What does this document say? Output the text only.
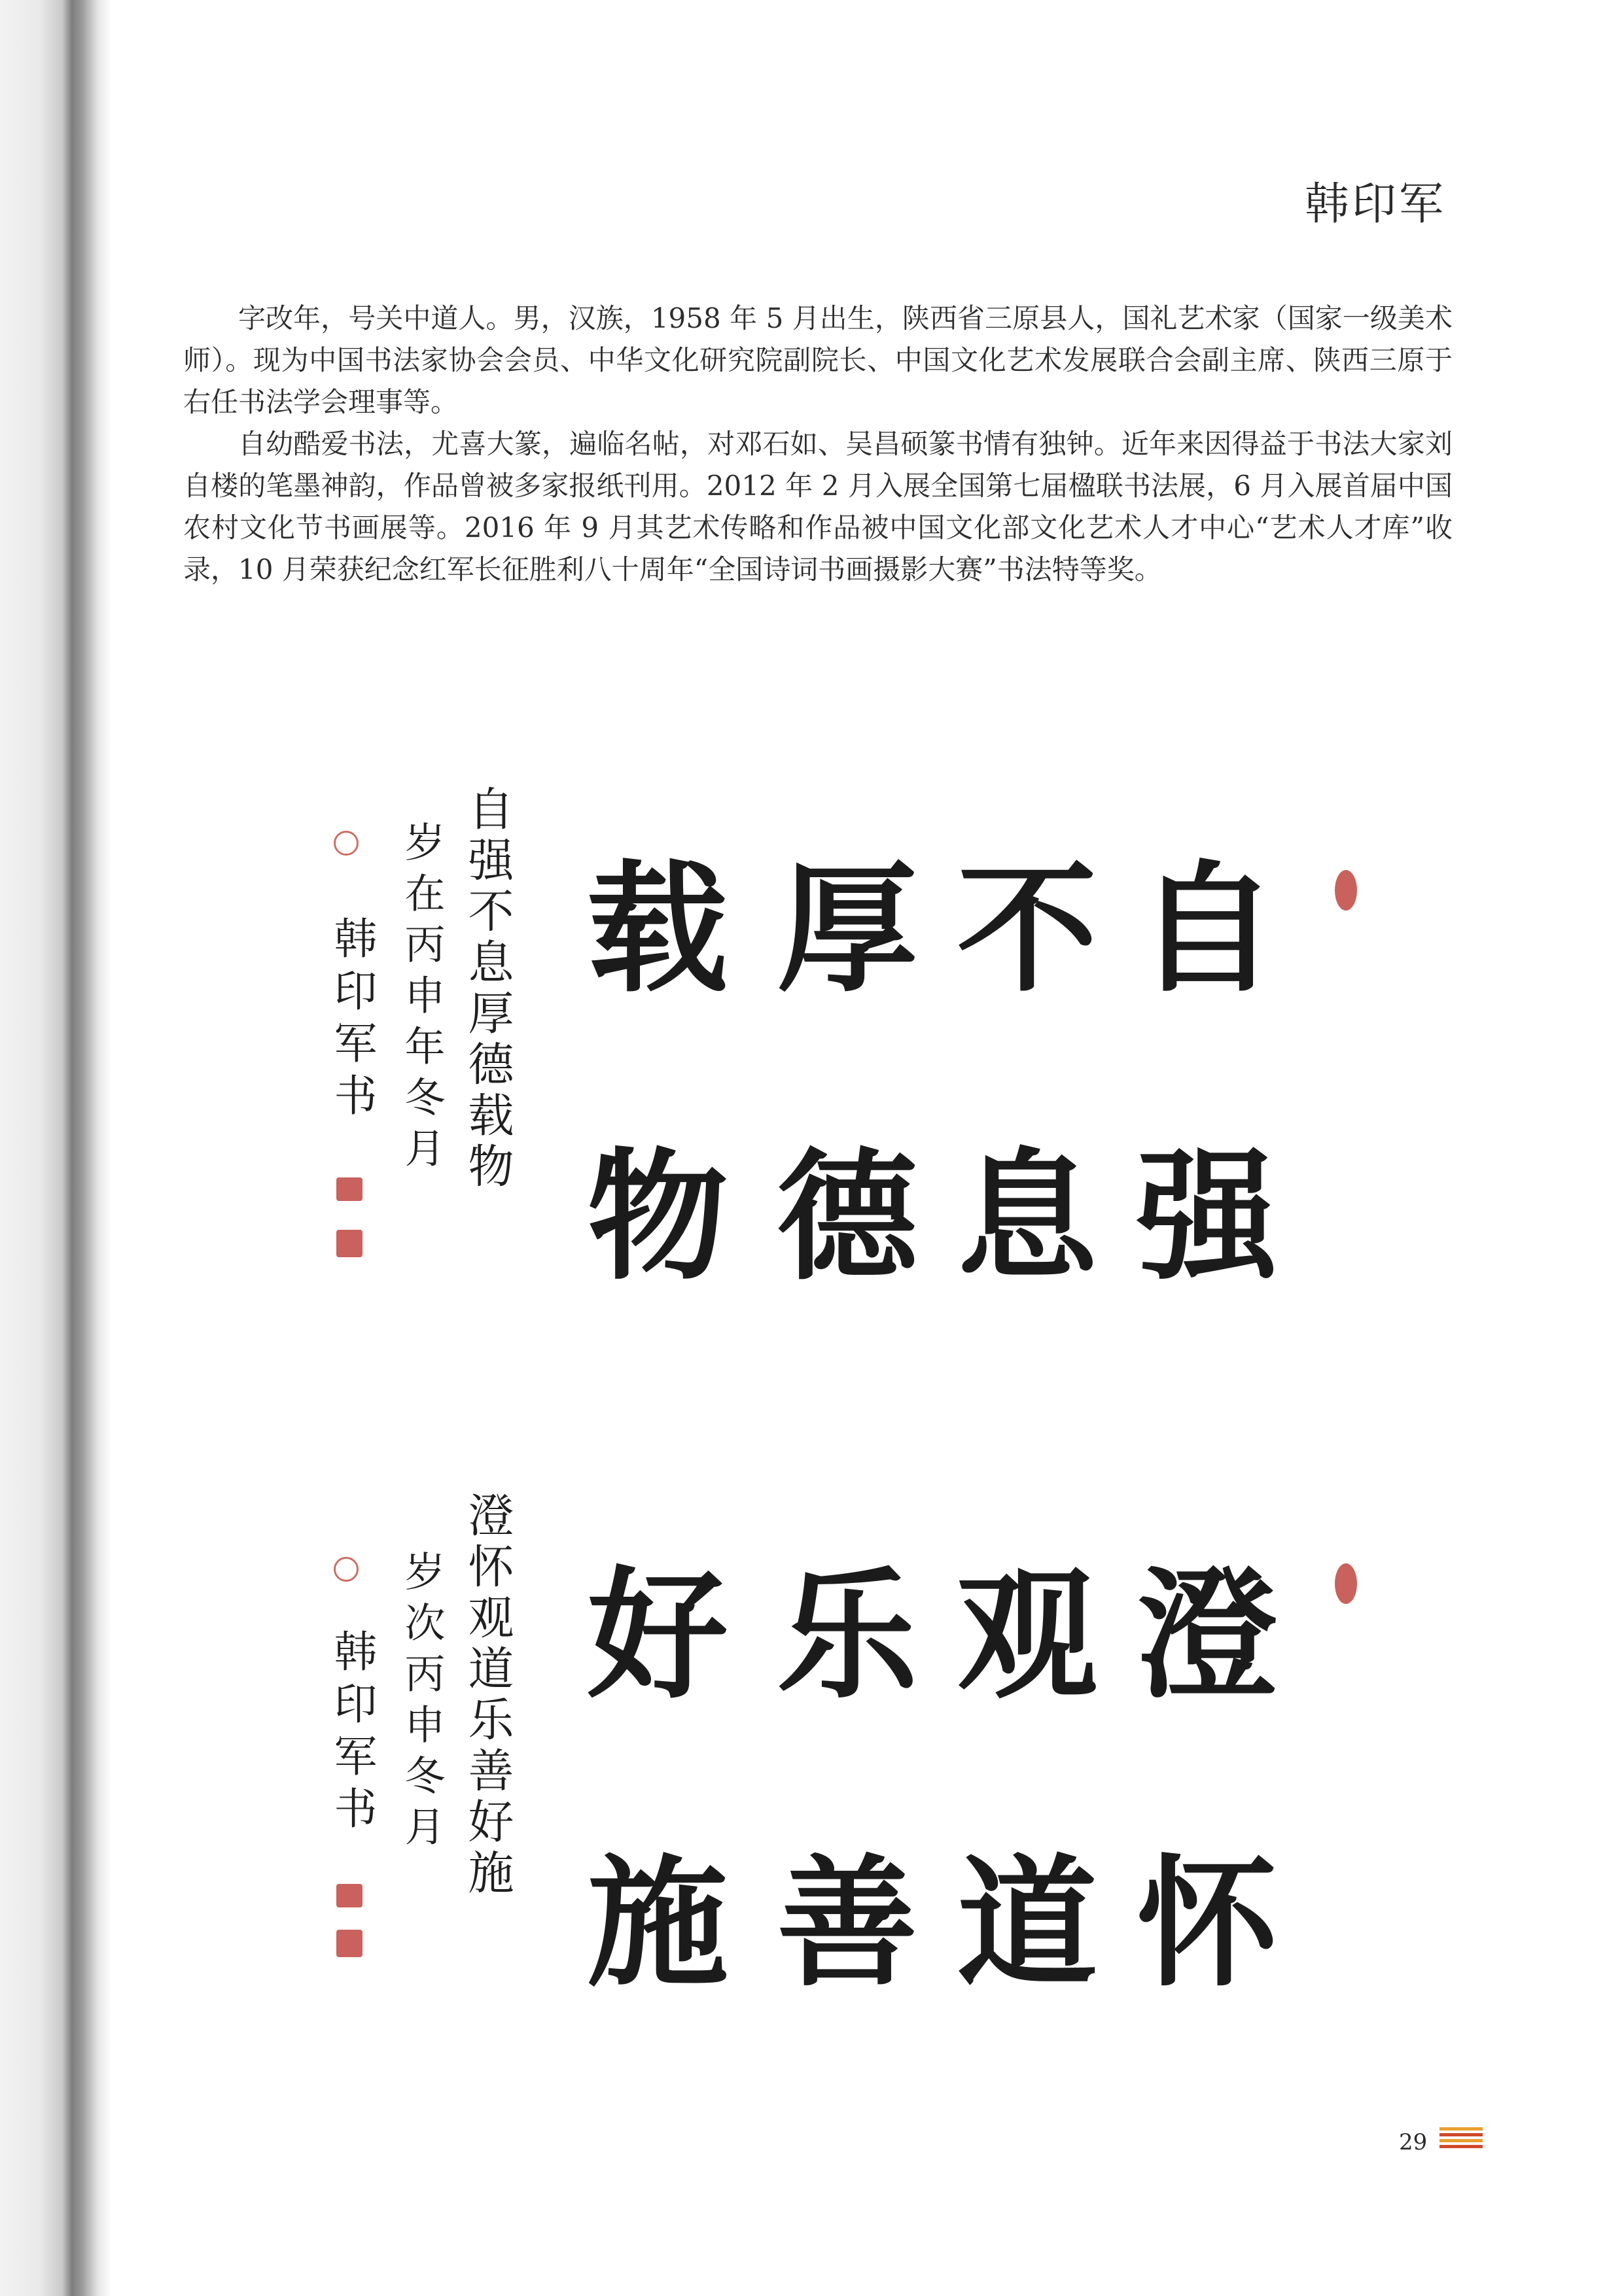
韩印军

字改年，号关中道人。男，汉族，1958 年 5 月出生，陕西省三原县人，国礼艺术家（国家一级美术师）。现为中国书法家协会会员、中华文化研究院副院长、中国文化艺术发展联合会副主席、陕西三原于右任书法学会理事等。

自幼酷爱书法，尤喜大篆，遍临名帖，对邓石如、吴昌硕篆书情有独钟。近年来因得益于书法大家刘自楼的笔墨神韵，作品曾被多家报纸刊用。2012 年 2 月入展全国第七届楹联书法展，6 月入展首届中国农村文化节书画展等。2016 年 9 月其艺术传略和作品被中国文化部文化艺术人才中心“艺术人才库”收录，10 月荣获纪念红军长征胜利八十周年“全国诗词书画摄影大赛”书法特等奖。

自
强
不
息
厚
德
载
物
自强不息厚德载物
岁在丙申年冬月
韩印军书
澄
怀
观
道
乐
善
好
施
澄怀观道乐善好施
岁次丙申冬月
韩印军书
29
